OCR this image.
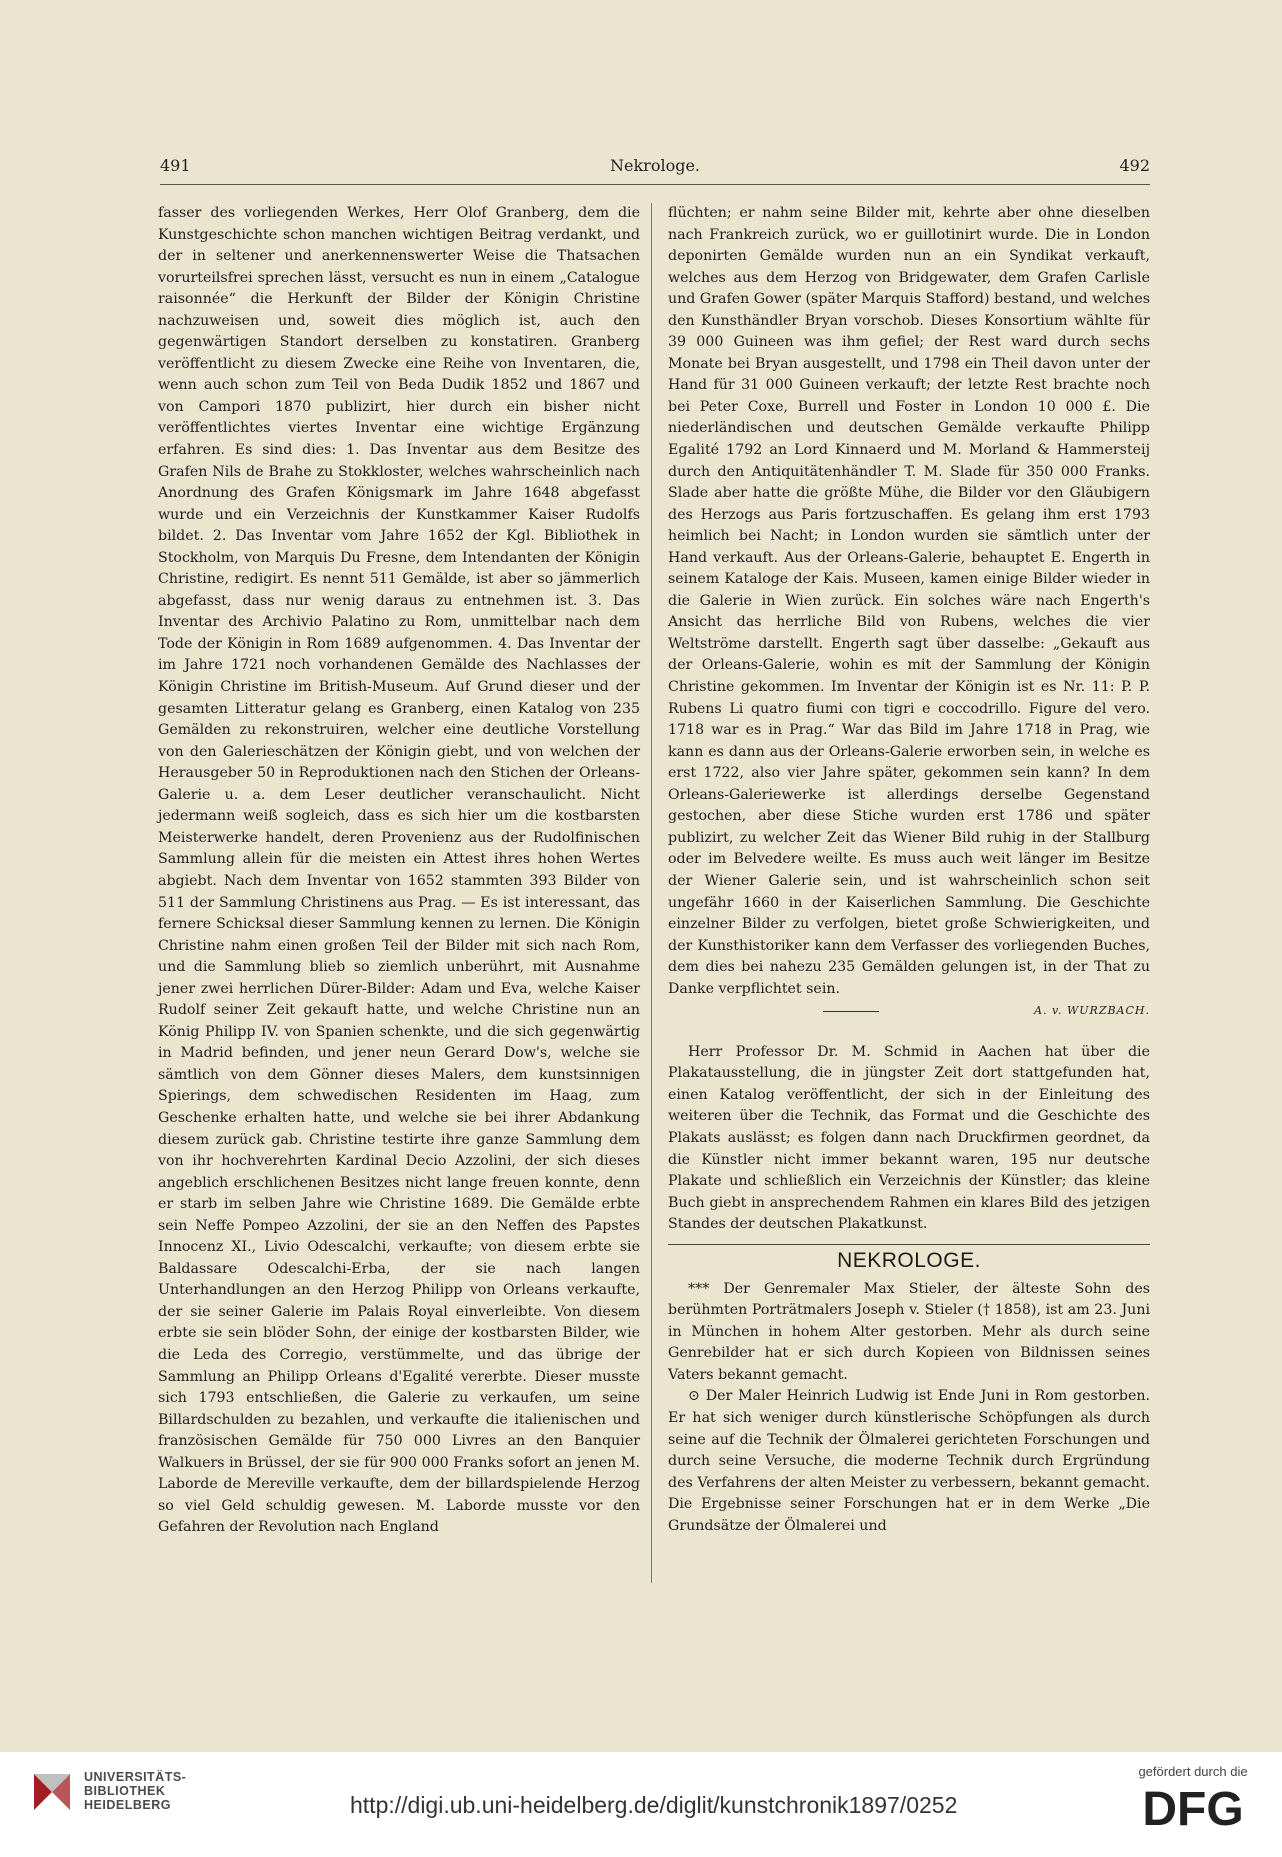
491	Nekrologe.	492

fasser des vorliegenden Werkes, Herr Olof Granberg, dem die Kunstgeschichte schon manchen wichtigen Beitrag verdankt, und der in seltener und anerkennenswerter Weise die Thatsachen vorurteilsfrei sprechen lässt, versucht es nun in einem „Catalogue raisonnée“ die Herkunft der Bilder der Königin Christine nachzuweisen und, soweit dies möglich ist, auch den gegenwärtigen Standort derselben zu konstatiren. Granberg veröffentlicht zu diesem Zwecke eine Reihe von Inventaren, die, wenn auch schon zum Teil von Beda Dudik 1852 und 1867 und von Campori 1870 publizirt, hier durch ein bisher nicht veröffentlichtes viertes Inventar eine wichtige Ergänzung erfahren. Es sind dies: 1. Das Inventar aus dem Besitze des Grafen Nils de Brahe zu Stokkloster, welches wahrscheinlich nach Anordnung des Grafen Königsmark im Jahre 1648 abgefasst wurde und ein Verzeichnis der Kunstkammer Kaiser Rudolfs bildet. 2. Das Inventar vom Jahre 1652 der Kgl. Bibliothek in Stockholm, von Marquis Du Fresne, dem Intendanten der Königin Christine, redigirt. Es nennt 511 Gemälde, ist aber so jämmerlich abgefasst, dass nur wenig daraus zu entnehmen ist. 3. Das Inventar des Archivio Palatino zu Rom, unmittelbar nach dem Tode der Königin in Rom 1689 aufgenommen. 4. Das Inventar der im Jahre 1721 noch vorhandenen Gemälde des Nachlasses der Königin Christine im British-Museum. Auf Grund dieser und der gesamten Litteratur gelang es Granberg, einen Katalog von 235 Gemälden zu rekonstruiren, welcher eine deutliche Vorstellung von den Galerieschätzen der Königin giebt, und von welchen der Herausgeber 50 in Reproduktionen nach den Stichen der Orleans-Galerie u. a. dem Leser deutlicher veranschaulicht. Nicht jedermann weiß sogleich, dass es sich hier um die kostbarsten Meisterwerke handelt, deren Provenienz aus der Rudolfinischen Sammlung allein für die meisten ein Attest ihres hohen Wertes abgiebt. Nach dem Inventar von 1652 stammten 393 Bilder von 511 der Sammlung Christinens aus Prag. — Es ist interessant, das fernere Schicksal dieser Sammlung kennen zu lernen. Die Königin Christine nahm einen großen Teil der Bilder mit sich nach Rom, und die Sammlung blieb so ziemlich unberührt, mit Ausnahme jener zwei herrlichen Dürer-Bilder: Adam und Eva, welche Kaiser Rudolf seiner Zeit gekauft hatte, und welche Christine nun an König Philipp IV. von Spanien schenkte, und die sich gegenwärtig in Madrid befinden, und jener neun Gerard Dow's, welche sie sämtlich von dem Gönner dieses Malers, dem kunstsinnigen Spierings, dem schwedischen Residenten im Haag, zum Geschenke erhalten hatte, und welche sie bei ihrer Abdankung diesem zurück gab. Christine testirte ihre ganze Sammlung dem von ihr hochverehrten Kardinal Decio Azzolini, der sich dieses angeblich erschlichenen Besitzes nicht lange freuen konnte, denn er starb im selben Jahre wie Christine 1689. Die Gemälde erbte sein Neffe Pompeo Azzolini, der sie an den Neffen des Papstes Innocenz XI., Livio Odescalchi, verkaufte; von diesem erbte sie Baldassare Odescalchi-Erba, der sie nach langen Unterhandlungen an den Herzog Philipp von Orleans verkaufte, der sie seiner Galerie im Palais Royal einverleibte. Von diesem erbte sie sein blöder Sohn, der einige der kostbarsten Bilder, wie die Leda des Corregio, verstümmelte, und das übrige der Sammlung an Philipp Orleans d'Egalité vererbte. Dieser musste sich 1793 entschließen, die Galerie zu verkaufen, um seine Billardschulden zu bezahlen, und verkaufte die italienischen und französischen Gemälde für 750 000 Livres an den Banquier Walkuers in Brüssel, der sie für 900 000 Franks sofort an jenen M. Laborde de Mereville verkaufte, dem der billardspielende Herzog so viel Geld schuldig gewesen. M. Laborde musste vor den Gefahren der Revolution nach England

flüchten; er nahm seine Bilder mit, kehrte aber ohne dieselben nach Frankreich zurück, wo er guillotinirt wurde. Die in London deponirten Gemälde wurden nun an ein Syndikat verkauft, welches aus dem Herzog von Bridgewater, dem Grafen Carlisle und Grafen Gower (später Marquis Stafford) bestand, und welches den Kunsthändler Bryan vorschob. Dieses Konsortium wählte für 39 000 Guineen was ihm gefiel; der Rest ward durch sechs Monate bei Bryan ausgestellt, und 1798 ein Theil davon unter der Hand für 31 000 Guineen verkauft; der letzte Rest brachte noch bei Peter Coxe, Burrell und Foster in London 10 000 £. Die niederländischen und deutschen Gemälde verkaufte Philipp Egalité 1792 an Lord Kinnaerd und M. Morland & Hammersteij durch den Antiquitätenhändler T. M. Slade für 350 000 Franks. Slade aber hatte die größte Mühe, die Bilder vor den Gläubigern des Herzogs aus Paris fortzuschaffen. Es gelang ihm erst 1793 heimlich bei Nacht; in London wurden sie sämtlich unter der Hand verkauft. Aus der Orleans-Galerie, behauptet E. Engerth in seinem Kataloge der Kais. Museen, kamen einige Bilder wieder in die Galerie in Wien zurück. Ein solches wäre nach Engerth's Ansicht das herrliche Bild von Rubens, welches die vier Weltströme darstellt. Engerth sagt über dasselbe: „Gekauft aus der Orleans-Galerie, wohin es mit der Sammlung der Königin Christine gekommen. Im Inventar der Königin ist es Nr. 11: P. P. Rubens Li quatro fiumi con tigri e coccodrillo. Figure del vero. 1718 war es in Prag.“ War das Bild im Jahre 1718 in Prag, wie kann es dann aus der Orleans-Galerie erworben sein, in welche es erst 1722, also vier Jahre später, gekommen sein kann? In dem Orleans-Galeriewerke ist allerdings derselbe Gegenstand gestochen, aber diese Stiche wurden erst 1786 und später publizirt, zu welcher Zeit das Wiener Bild ruhig in der Stallburg oder im Belvedere weilte. Es muss auch weit länger im Besitze der Wiener Galerie sein, und ist wahrscheinlich schon seit ungefähr 1660 in der Kaiserlichen Sammlung. Die Geschichte einzelner Bilder zu verfolgen, bietet große Schwierigkeiten, und der Kunsthistoriker kann dem Verfasser des vorliegenden Buches, dem dies bei nahezu 235 Gemälden gelungen ist, in der That zu Danke verpflichtet sein.

A. v. WURZBACH.

Herr Professor Dr. M. Schmid in Aachen hat über die Plakatausstellung, die in jüngster Zeit dort stattgefunden hat, einen Katalog veröffentlicht, der sich in der Einleitung des weiteren über die Technik, das Format und die Geschichte des Plakats auslässt; es folgen dann nach Druckfirmen geordnet, da die Künstler nicht immer bekannt waren, 195 nur deutsche Plakate und schließlich ein Verzeichnis der Künstler; das kleine Buch giebt in ansprechendem Rahmen ein klares Bild des jetzigen Standes der deutschen Plakatkunst.

NEKROLOGE.

*** Der Genremaler Max Stieler, der älteste Sohn des berühmten Porträtmalers Joseph v. Stieler († 1858), ist am 23. Juni in München in hohem Alter gestorben. Mehr als durch seine Genrebilder hat er sich durch Kopieen von Bildnissen seines Vaters bekannt gemacht.

⊙ Der Maler Heinrich Ludwig ist Ende Juni in Rom gestorben. Er hat sich weniger durch künstlerische Schöpfungen als durch seine auf die Technik der Ölmalerei gerichteten Forschungen und durch seine Versuche, die moderne Technik durch Ergründung des Verfahrens der alten Meister zu verbessern, bekannt gemacht. Die Ergebnisse seiner Forschungen hat er in dem Werke „Die Grundsätze der Ölmalerei und

UNIVERSITÄTS-
BIBLIOTHEK
HEIDELBERG	http://digi.ub.uni-heidelberg.de/diglit/kunstchronik1897/0252
gefördert durch die
DFG
